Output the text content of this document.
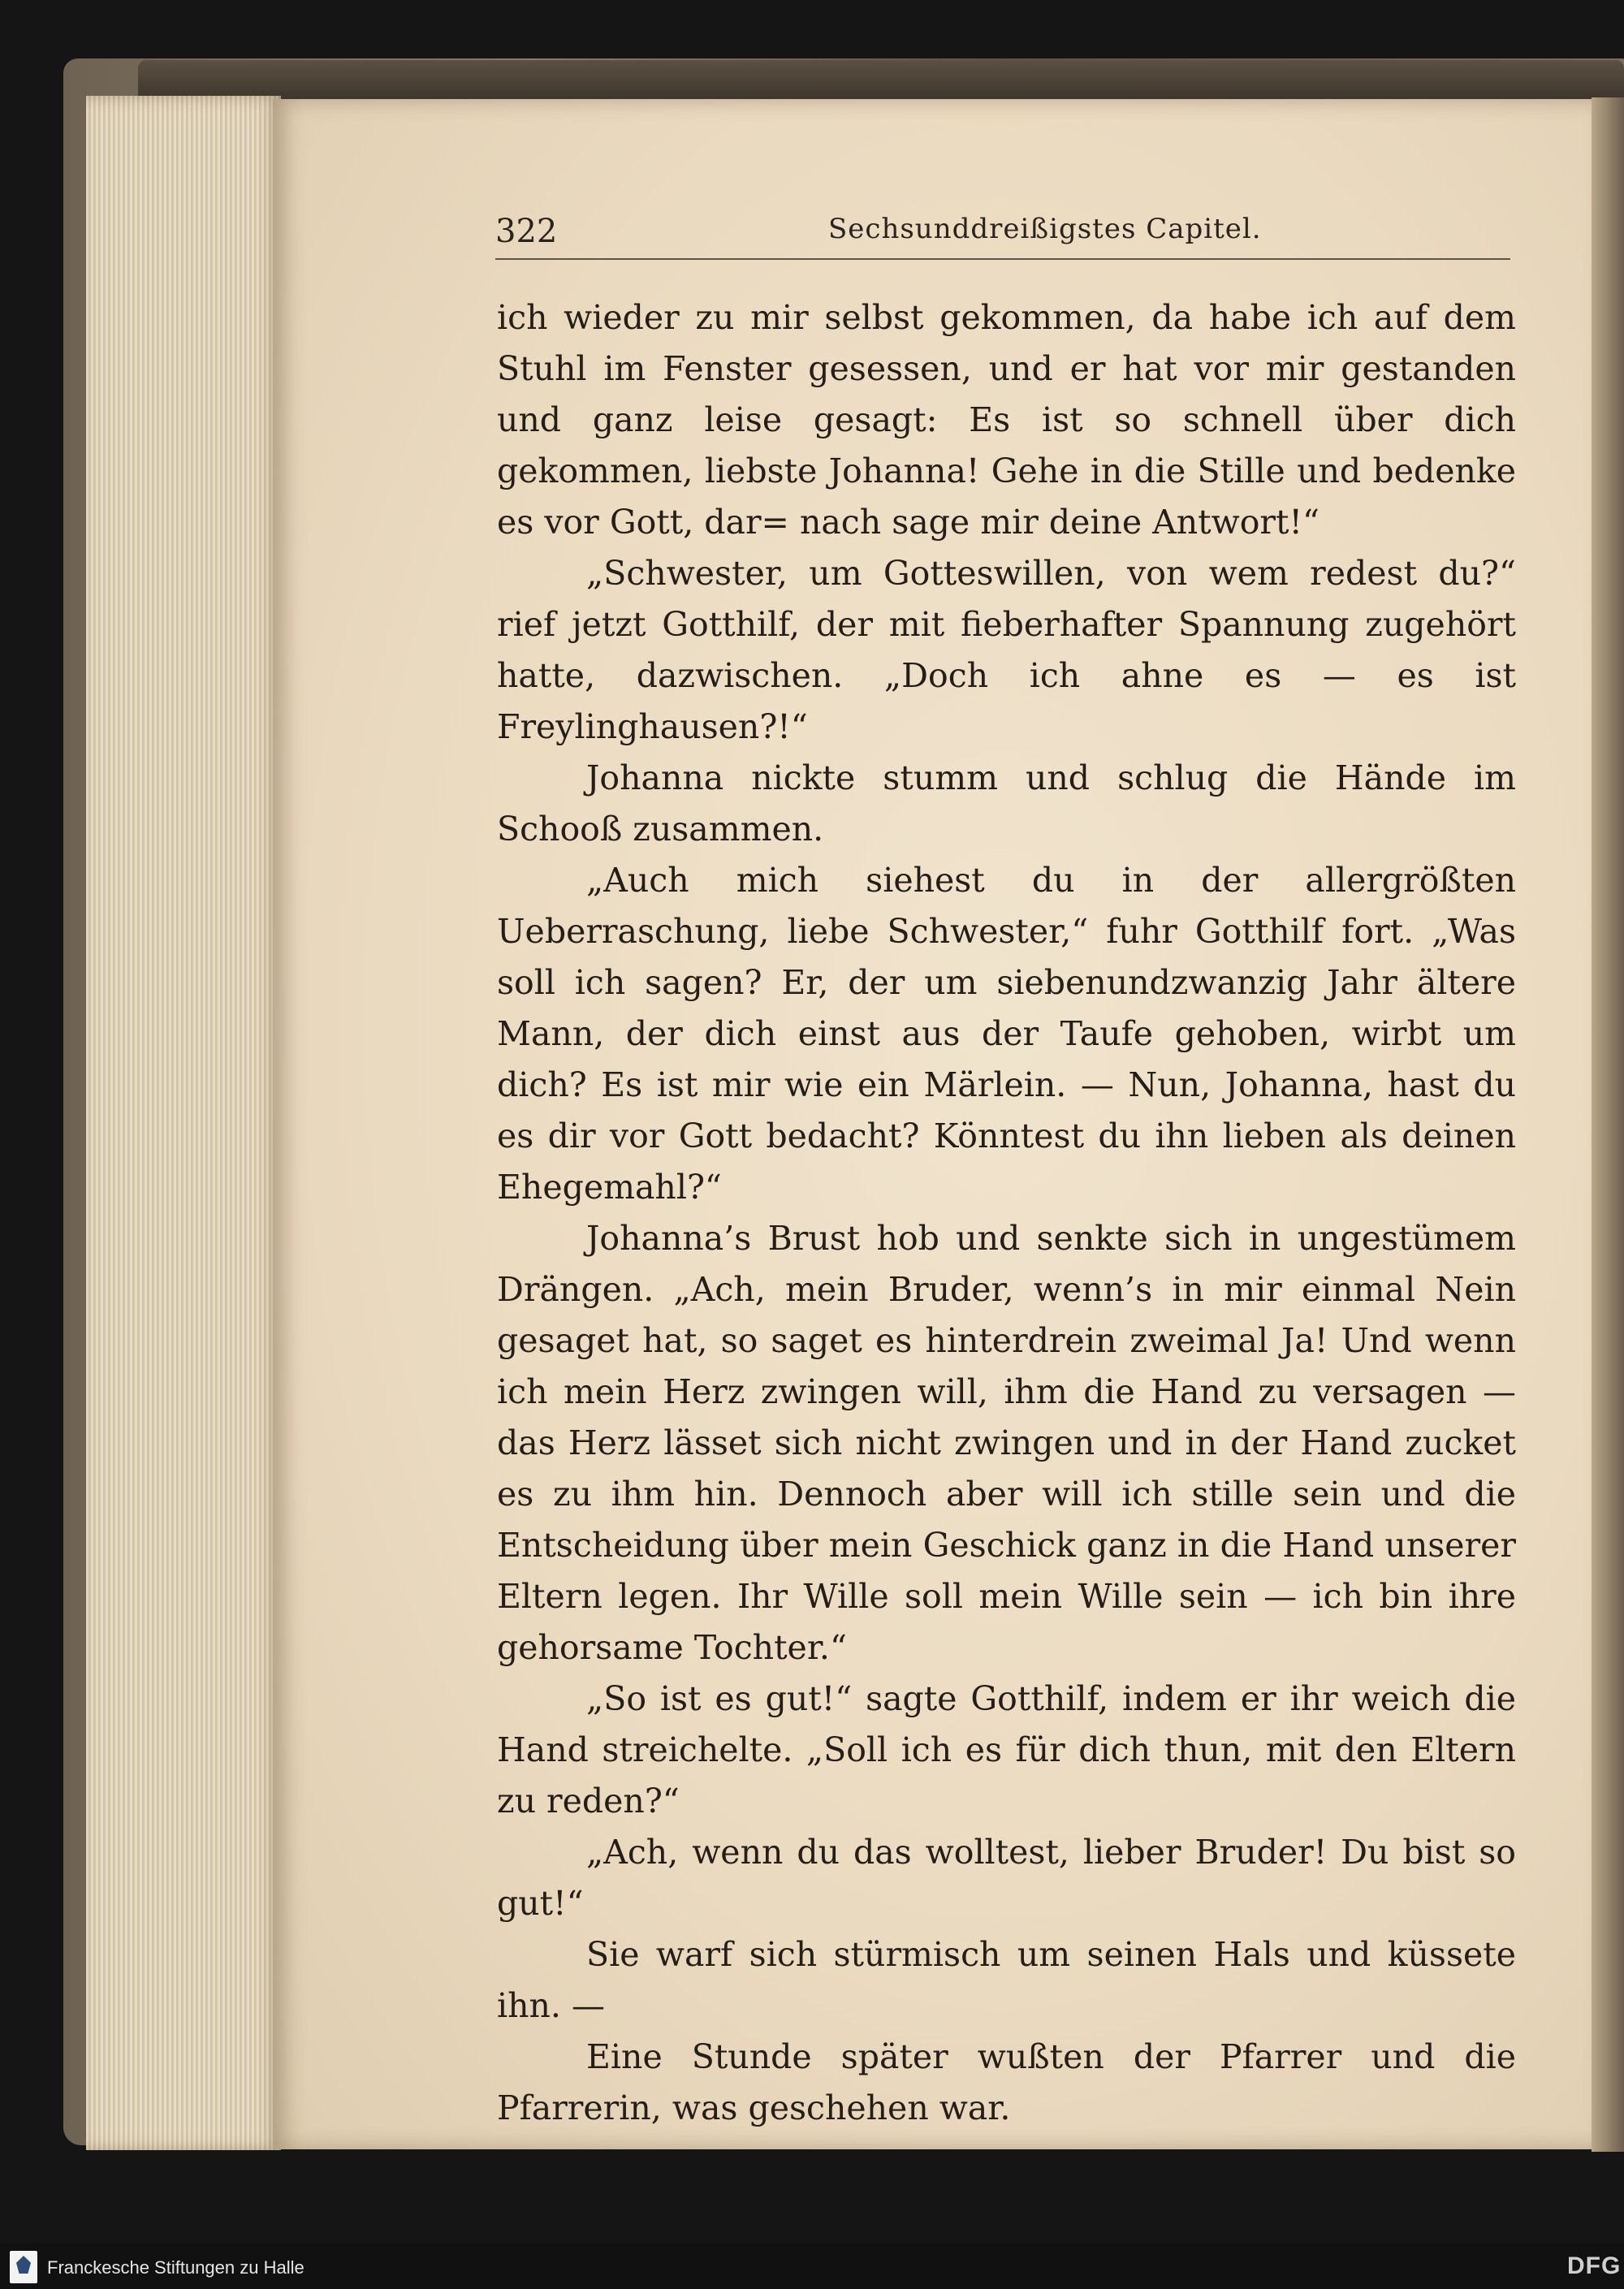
322	Sechsunddreißigstes Capitel.

ich wieder zu mir selbst gekommen, da habe ich auf dem Stuhl im Fenster gesessen, und er hat vor mir gestanden und ganz leise gesagt: Es ist so schnell über dich gekommen, liebste Johanna! Gehe in die Stille und bedenke es vor Gott, dar= nach sage mir deine Antwort!“

„Schwester, um Gotteswillen, von wem redest du?“ rief jetzt Gotthilf, der mit fieberhafter Spannung zugehört hatte, dazwischen. „Doch ich ahne es — es ist Freylinghausen?!“

Johanna nickte stumm und schlug die Hände im Schooß zusammen.

„Auch mich siehest du in der allergrößten Ueberraschung, liebe Schwester,“ fuhr Gotthilf fort. „Was soll ich sagen? Er, der um siebenundzwanzig Jahr ältere Mann, der dich einst aus der Taufe gehoben, wirbt um dich? Es ist mir wie ein Märlein. — Nun, Johanna, hast du es dir vor Gott bedacht? Könntest du ihn lieben als deinen Ehegemahl?“

Johanna’s Brust hob und senkte sich in ungestümem Drängen. „Ach, mein Bruder, wenn’s in mir einmal Nein gesaget hat, so saget es hinterdrein zweimal Ja! Und wenn ich mein Herz zwingen will, ihm die Hand zu versagen — das Herz lässet sich nicht zwingen und in der Hand zucket es zu ihm hin. Dennoch aber will ich stille sein und die Entscheidung über mein Geschick ganz in die Hand unserer Eltern legen. Ihr Wille soll mein Wille sein — ich bin ihre gehorsame Tochter.“

„So ist es gut!“ sagte Gotthilf, indem er ihr weich die Hand streichelte. „Soll ich es für dich thun, mit den Eltern zu reden?“

„Ach, wenn du das wolltest, lieber Bruder! Du bist so gut!“

Sie warf sich stürmisch um seinen Hals und küssete ihn. —

Eine Stunde später wußten der Pfarrer und die Pfarrerin, was geschehen war.

Franckesche Stiftungen zu Halle	DFG
